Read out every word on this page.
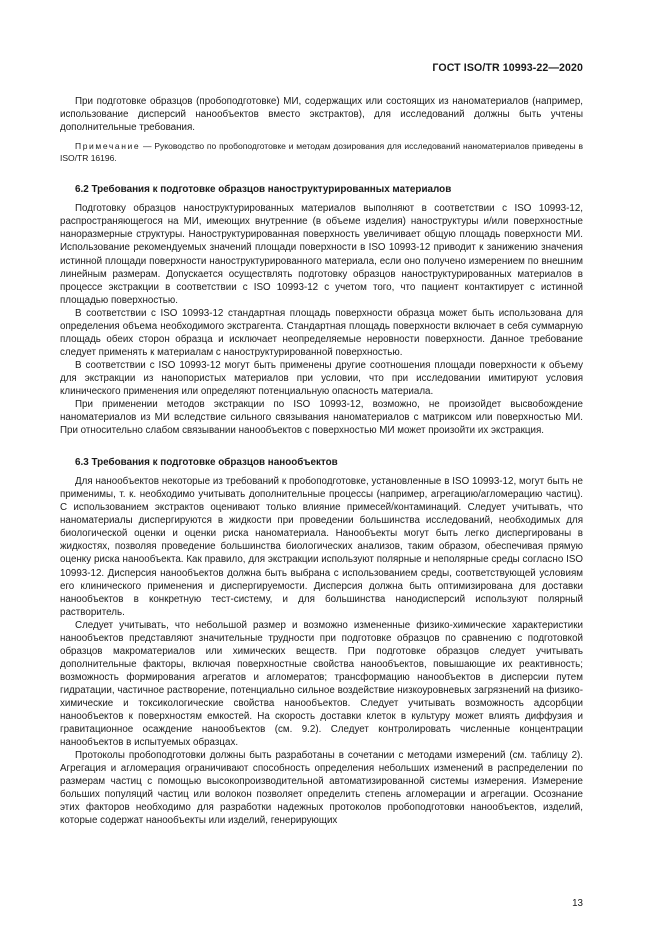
ГОСТ ISO/TR 10993-22—2020

При подготовке образцов (пробоподготовке) МИ, содержащих или состоящих из наноматериалов (например, использование дисперсий нанообъектов вместо экстрактов), для исследований должны быть учтены дополнительные требования.

Примечание — Руководство по пробоподготовке и методам дозирования для исследований наноматериалов приведены в ISO/TR 16196.
6.2 Требования к подготовке образцов наноструктурированных материалов

Подготовку образцов наноструктурированных материалов выполняют в соответствии с ISO 10993-12, распространяющегося на МИ, имеющих внутренние (в объеме изделия) наноструктуры и/или поверхностные наноразмерные структуры. Наноструктурированная поверхность увеличивает общую площадь поверхности МИ. Использование рекомендуемых значений площади поверхности в ISO 10993-12 приводит к занижению значения истинной площади поверхности наноструктурированного материала, если оно получено измерением по внешним линейным размерам. Допускается осуществлять подготовку образцов наноструктурированных материалов в процессе экстракции в соответствии с ISO 10993-12 с учетом того, что пациент контактирует с истинной площадью поверхностью.

В соответствии с ISO 10993-12 стандартная площадь поверхности образца может быть использована для определения объема необходимого экстрагента. Стандартная площадь поверхности включает в себя суммарную площадь обеих сторон образца и исключает неопределяемые неровности поверхности. Данное требование следует применять к материалам с наноструктурированной поверхностью.

В соответствии с ISO 10993-12 могут быть применены другие соотношения площади поверхности к объему для экстракции из нанопористых материалов при условии, что при исследовании имитируют условия клинического применения или определяют потенциальную опасность материала.

При применении методов экстракции по ISO 10993-12, возможно, не произойдет высвобождение наноматериалов из МИ вследствие сильного связывания наноматериалов с матриксом или поверхностью МИ. При относительно слабом связывании нанообъектов с поверхностью МИ может произойти их экстракция.

6.3 Требования к подготовке образцов нанообъектов

Для нанообъектов некоторые из требований к пробоподготовке, установленные в ISO 10993-12, могут быть не применимы, т. к. необходимо учитывать дополнительные процессы (например, агрегацию/агломерацию частиц). С использованием экстрактов оценивают только влияние примесей/контаминаций. Следует учитывать, что наноматериалы диспергируются в жидкости при проведении большинства исследований, необходимых для биологической оценки и оценки риска наноматериала. Нанообъекты могут быть легко диспергированы в жидкостях, позволяя проведение большинства биологических анализов, таким образом, обеспечивая прямую оценку риска нанообъекта. Как правило, для экстракции используют полярные и неполярные среды согласно ISO 10993-12. Дисперсия нанообъектов должна быть выбрана с использованием среды, соответствующей условиям его клинического применения и диспергируемости. Дисперсия должна быть оптимизирована для доставки нанообъектов в конкретную тест-систему, и для большинства нанодисперсий используют полярный растворитель.

Следует учитывать, что небольшой размер и возможно измененные физико-химические характеристики нанообъектов представляют значительные трудности при подготовке образцов по сравнению с подготовкой образцов макроматериалов или химических веществ. При подготовке образцов следует учитывать дополнительные факторы, включая поверхностные свойства нанообъектов, повышающие их реактивность; возможность формирования агрегатов и агломератов; трансформацию нанообъектов в дисперсии путем гидратации, частичное растворение, потенциально сильное воздействие низкоуровневых загрязнений на физико-химические и токсикологические свойства нанообъектов. Следует учитывать возможность адсорбции нанообъектов к поверхностям емкостей. На скорость доставки клеток в культуру может влиять диффузия и гравитационное осаждение нанообъектов (см. 9.2). Следует контролировать численные концентрации нанообъектов в испытуемых образцах.

Протоколы пробоподготовки должны быть разработаны в сочетании с методами измерений (см. таблицу 2). Агрегация и агломерация ограничивают способность определения небольших изменений в распределении по размерам частиц с помощью высокопроизводительной автоматизированной системы измерения. Измерение больших популяций частиц или волокон позволяет определить степень агломерации и агрегации. Осознание этих факторов необходимо для разработки надежных протоколов пробоподготовки нанообъектов, изделий, которые содержат нанообъекты или изделий, генерирующих

13
